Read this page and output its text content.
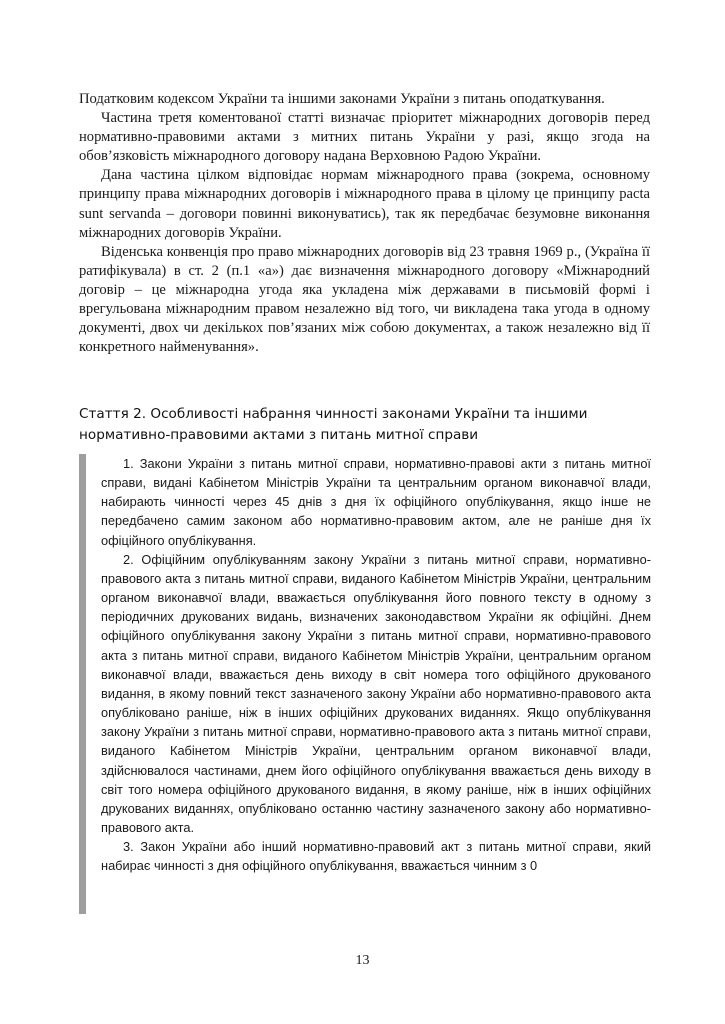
Податковим кодексом України та іншими законами України з питань оподаткування.

Частина третя коментованої статті визначає пріоритет міжнародних договорів перед нормативно-правовими актами з митних питань України у разі, якщо згода на обов’язковість міжнародного договору надана Верховною Радою України.

Дана частина цілком відповідає нормам міжнародного права (зокрема, основному принципу права міжнародних договорів і міжнародного права в цілому це принципу pacta sunt servanda – договори повинні виконуватись), так як передбачає безумовне виконання міжнародних договорів України.

Віденська конвенція про право міжнародних договорів від 23 травня 1969 р., (Україна її ратифікувала) в ст. 2 (п.1 «а») дає визначення міжнародного договору «Міжнародний договір – це міжнародна угода яка укладена між державами в письмовій формі і врегульована міжнародним правом незалежно від того, чи викладена така угода в одному документі, двох чи декількох пов’язаних між собою документах, а також незалежно від її конкретного найменування».

Стаття 2. Особливості набрання чинності законами України та іншими нормативно-правовими актами з питань митної справи

1. Закони України з питань митної справи, нормативно-правові акти з питань митної справи, видані Кабінетом Міністрів України та центральним органом виконавчої влади, набирають чинності через 45 днів з дня їх офіційного опублікування, якщо інше не передбачено самим законом або нормативно-правовим актом, але не раніше дня їх офіційного опублікування.

2. Офіційним опублікуванням закону України з питань митної справи, нормативно-правового акта з питань митної справи, виданого Кабінетом Міністрів України, центральним органом виконавчої влади, вважається опублікування його повного тексту в одному з періодичних друкованих видань, визначених законодавством України як офіційні. Днем офіційного опублікування закону України з питань митної справи, нормативно-правового акта з питань митної справи, виданого Кабінетом Міністрів України, центральним органом виконавчої влади, вважається день виходу в світ номера того офіційного друкованого видання, в якому повний текст зазначеного закону України або нормативно-правового акта опубліковано раніше, ніж в інших офіційних друкованих виданнях. Якщо опублікування закону України з питань митної справи, нормативно-правового акта з питань митної справи, виданого Кабінетом Міністрів України, центральним органом виконавчої влади, здійснювалося частинами, днем його офіційного опублікування вважається день виходу в світ того номера офіційного друкованого видання, в якому раніше, ніж в інших офіційних друкованих виданнях, опубліковано останню частину зазначеного закону або нормативно-правового акта.

3. Закон України або інший нормативно-правовий акт з питань митної справи, який набирає чинності з дня офіційного опублікування, вважається чинним з 0

13
